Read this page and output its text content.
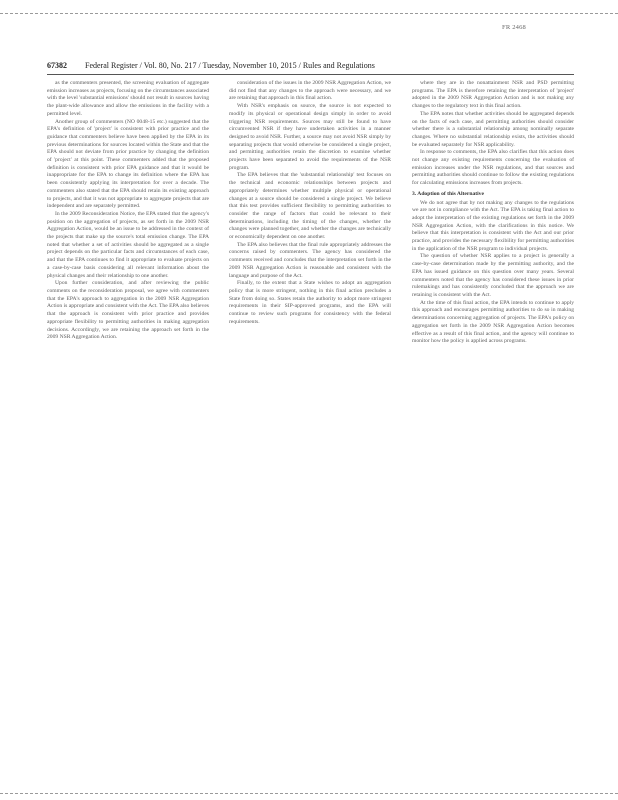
FR 2468
67382	Federal Register / Vol. 80, No. 217 / Tuesday, November 10, 2015 / Rules and Regulations

as the commenters presented, the screening evaluation of aggregate emission increases as projects, focusing on the circumstances associated with the level 'substantial emissions' should not result in sources having the plant-wide allowance and allow the emissions in the facility with a permitted level.

Another group of commenters (NO 0048-15 etc.) suggested that the EPA's definition of 'project' is consistent with prior practice and the guidance that commenters believe have been applied by the EPA in its previous determinations for sources located within the State and that the EPA should not deviate from prior practice by changing the definition of 'project' at this point. These commenters added that the proposed definition is consistent with prior EPA guidance and that it would be inappropriate for the EPA to change its definition where the EPA has been consistently applying its interpretation for over a decade. The commenters also stated that the EPA should retain its existing approach to projects, and that it was not appropriate to aggregate projects that are independent and are separately permitted.

In the 2009 Reconsideration Notice, the EPA stated that the agency's position on the aggregation of projects, as set forth in the 2009 NSR Aggregation Action, would be an issue to be addressed in the context of the projects that make up the source's total emission change. The EPA noted that whether a set of activities should be aggregated as a single project depends on the particular facts and circumstances of each case, and that the EPA continues to find it appropriate to evaluate projects on a case-by-case basis considering all relevant information about the physical changes and their relationship to one another.

Upon further consideration, and after reviewing the public comments on the reconsideration proposal, we agree with commenters that the EPA's approach to aggregation in the 2009 NSR Aggregation Action is appropriate and consistent with the Act. The EPA also believes that the approach is consistent with prior practice and provides appropriate flexibility to permitting authorities in making aggregation decisions. Accordingly, we are retaining the approach set forth in the 2009 NSR Aggregation Action.

consideration of the issues in the 2009 NSR Aggregation Action, we did not find that any changes to the approach were necessary, and we are retaining that approach in this final action.

With NSR's emphasis on source, the source is not expected to modify its physical or operational design simply in order to avoid triggering NSR requirements. Sources may still be found to have circumvented NSR if they have undertaken activities in a manner designed to avoid NSR. Further, a source may not avoid NSR simply by separating projects that would otherwise be considered a single project, and permitting authorities retain the discretion to examine whether projects have been separated to avoid the requirements of the NSR program.

The EPA believes that the 'substantial relationship' test focuses on the technical and economic relationships between projects and appropriately determines whether multiple physical or operational changes at a source should be considered a single project. We believe that this test provides sufficient flexibility to permitting authorities to consider the range of factors that could be relevant to their determinations, including the timing of the changes, whether the changes were planned together, and whether the changes are technically or economically dependent on one another.

The EPA also believes that the final rule appropriately addresses the concerns raised by commenters. The agency has considered the comments received and concludes that the interpretation set forth in the 2009 NSR Aggregation Action is reasonable and consistent with the language and purpose of the Act.

Finally, to the extent that a State wishes to adopt an aggregation policy that is more stringent, nothing in this final action precludes a State from doing so. States retain the authority to adopt more stringent requirements in their SIP-approved programs, and the EPA will continue to review such programs for consistency with the federal requirements.

where they are in the nonattainment NSR and PSD permitting programs. The EPA is therefore retaining the interpretation of 'project' adopted in the 2009 NSR Aggregation Action and is not making any changes to the regulatory text in this final action.

The EPA notes that whether activities should be aggregated depends on the facts of each case, and permitting authorities should consider whether there is a substantial relationship among nominally separate changes. Where no substantial relationship exists, the activities should be evaluated separately for NSR applicability.

In response to comments, the EPA also clarifies that this action does not change any existing requirements concerning the evaluation of emission increases under the NSR regulations, and that sources and permitting authorities should continue to follow the existing regulations for calculating emissions increases from projects.

3. Adoption of this Alternative

We do not agree that by not making any changes to the regulations we are not in compliance with the Act. The EPA is taking final action to adopt the interpretation of the existing regulations set forth in the 2009 NSR Aggregation Action, with the clarifications in this notice. We believe that this interpretation is consistent with the Act and our prior practice, and provides the necessary flexibility for permitting authorities in the application of the NSR program to individual projects.

The question of whether NSR applies to a project is generally a case-by-case determination made by the permitting authority, and the EPA has issued guidance on this question over many years. Several commenters noted that the agency has considered these issues in prior rulemakings and has consistently concluded that the approach we are retaining is consistent with the Act.

At the time of this final action, the EPA intends to continue to apply this approach and encourages permitting authorities to do so in making determinations concerning aggregation of projects. The EPA's policy on aggregation set forth in the 2009 NSR Aggregation Action becomes effective as a result of this final action, and the agency will continue to monitor how the policy is applied across programs.
